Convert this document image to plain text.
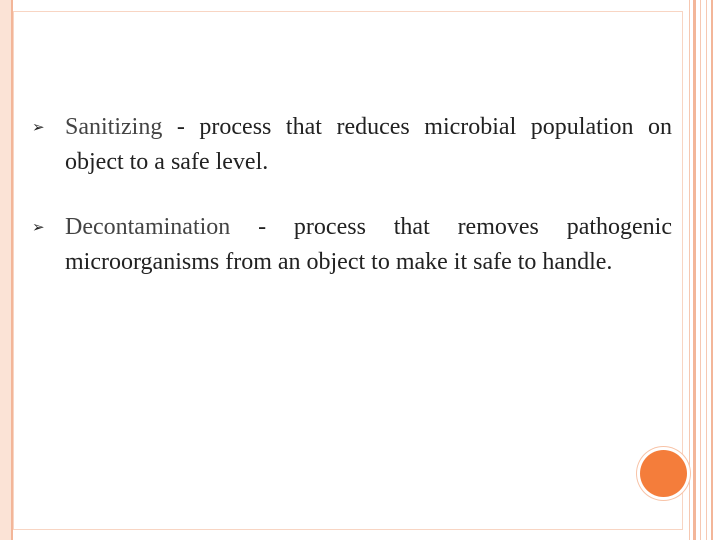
➢ Sanitizing - process that reduces microbial population on object to a safe level.
➢ Decontamination - process that removes pathogenic microorganisms from an object to make it safe to handle.
